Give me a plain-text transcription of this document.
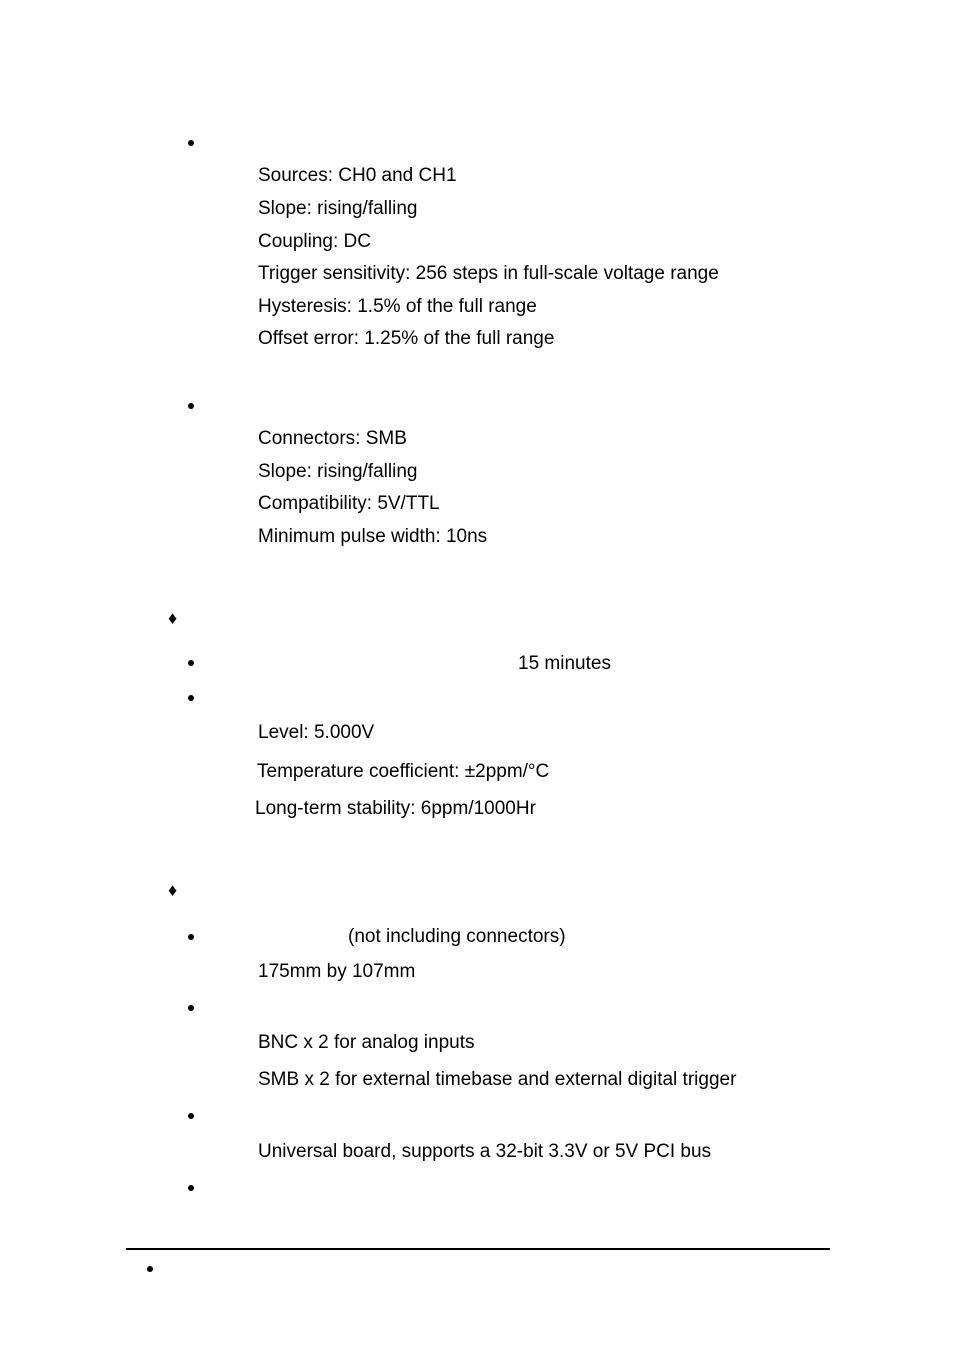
Sources: CH0 and CH1
Slope: rising/falling
Coupling: DC
Trigger sensitivity: 256 steps in full-scale voltage range
Hysteresis: 1.5% of the full range
Offset error: 1.25% of the full range
Connectors: SMB
Slope: rising/falling
Compatibility: 5V/TTL
Minimum pulse width: 10ns
♦
15 minutes
Level: 5.000V
Temperature coefficient: ±2ppm/°C
Long-term stability: 6ppm/1000Hr
♦
(not including connectors)
175mm by 107mm
BNC x 2 for analog inputs
SMB x 2 for external timebase and external digital trigger
Universal board, supports a 32-bit 3.3V or 5V PCI bus
